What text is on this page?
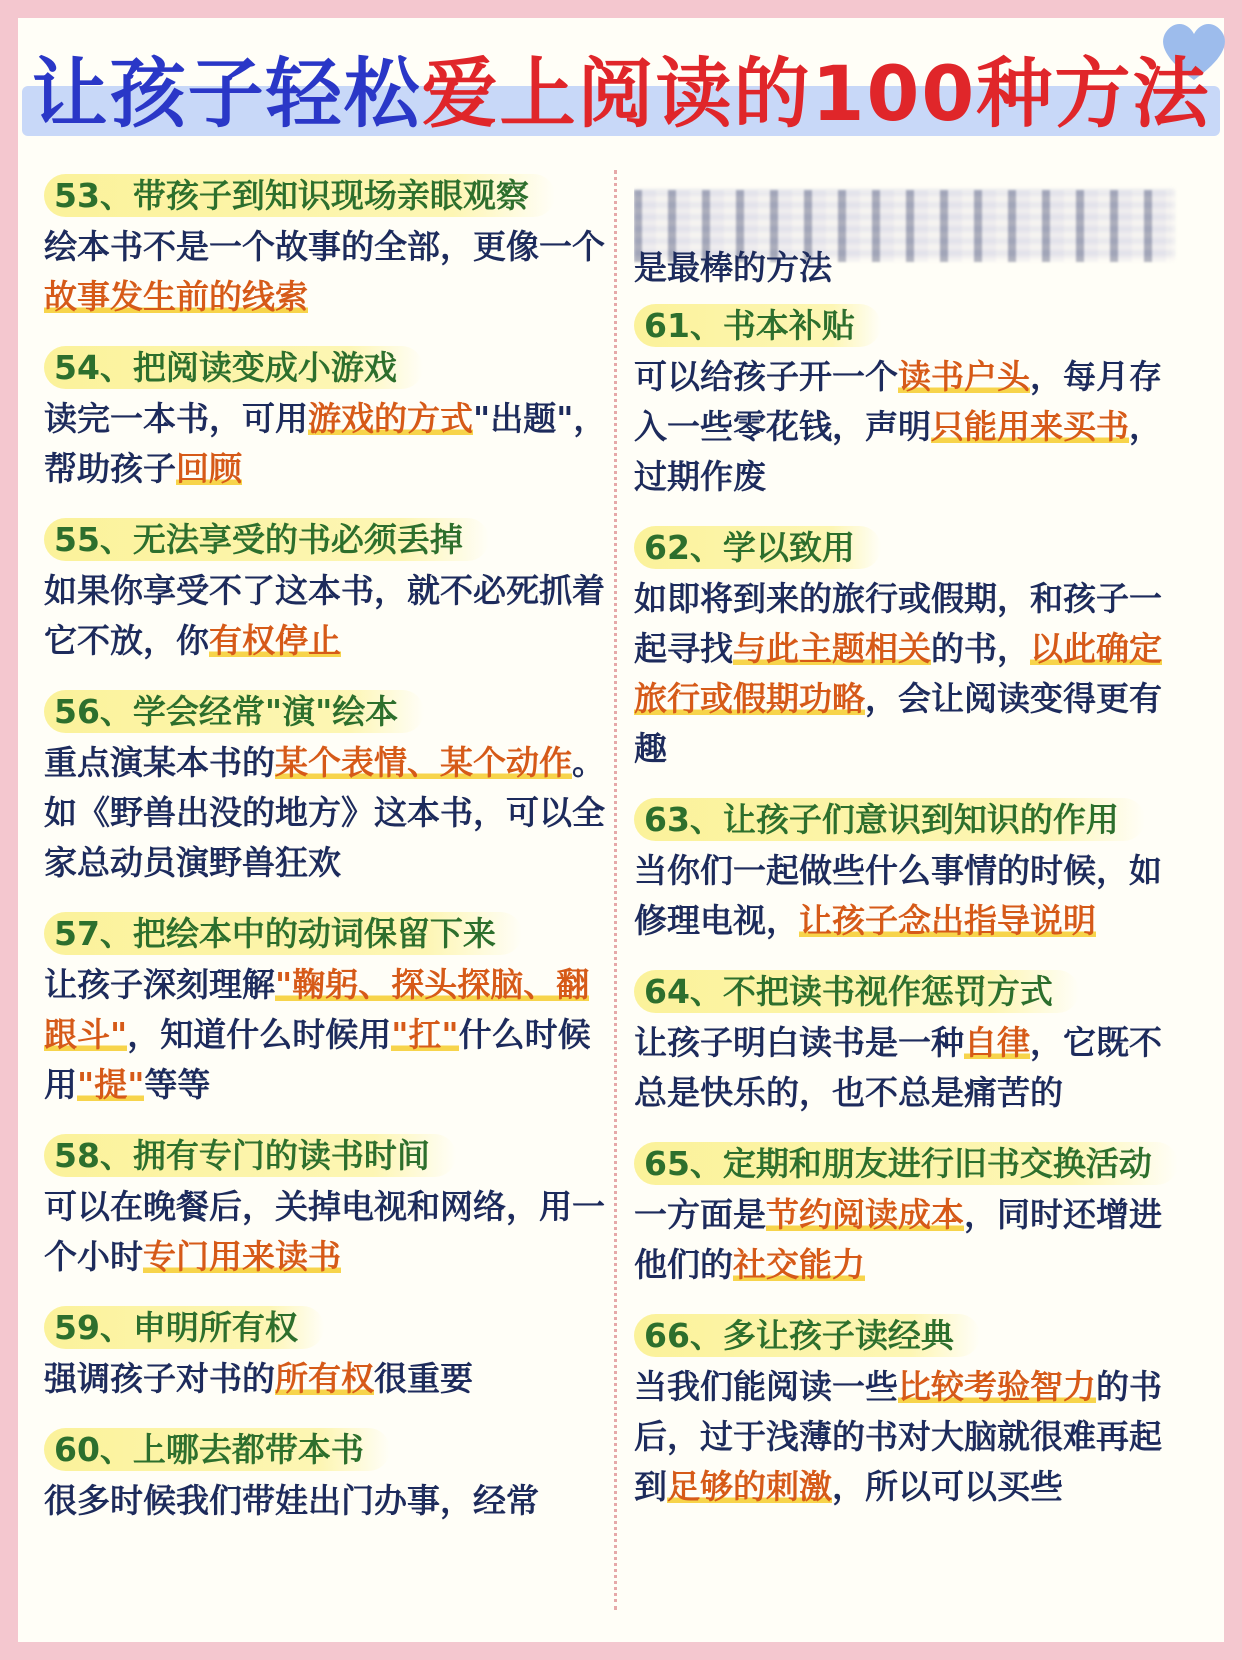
让孩子轻松爱上阅读的100种方法
53、带孩子到知识现场亲眼观察
绘本书不是一个故事的全部，更像一个故事发生前的线索
54、把阅读变成小游戏
读完一本书，可用游戏的方式"出题"，帮助孩子回顾
55、无法享受的书必须丢掉
如果你享受不了这本书，就不必死抓着它不放，你有权停止
56、学会经常"演"绘本
重点演某本书的某个表情、某个动作。如《野兽出没的地方》这本书，可以全家总动员演野兽狂欢
57、把绘本中的动词保留下来
让孩子深刻理解"鞠躬、探头探脑、翻跟斗"，知道什么时候用"扛"什么时候用"提"等等
58、拥有专门的读书时间
可以在晚餐后，关掉电视和网络，用一个小时专门用来读书
59、申明所有权
强调孩子对书的所有权很重要
60、上哪去都带本书
很多时候我们带娃出门办事，经常
是最棒的方法
61、书本补贴
可以给孩子开一个读书户头，每月存入一些零花钱，声明只能用来买书，过期作废
62、学以致用
如即将到来的旅行或假期，和孩子一起寻找与此主题相关的书，以此确定旅行或假期功略，会让阅读变得更有趣
63、让孩子们意识到知识的作用
当你们一起做些什么事情的时候，如修理电视，让孩子念出指导说明
64、不把读书视作惩罚方式
让孩子明白读书是一种自律，它既不总是快乐的，也不总是痛苦的
65、定期和朋友进行旧书交换活动
一方面是节约阅读成本，同时还增进他们的社交能力
66、多让孩子读经典
当我们能阅读一些比较考验智力的书后，过于浅薄的书对大脑就很难再起到足够的刺激，所以可以买些
